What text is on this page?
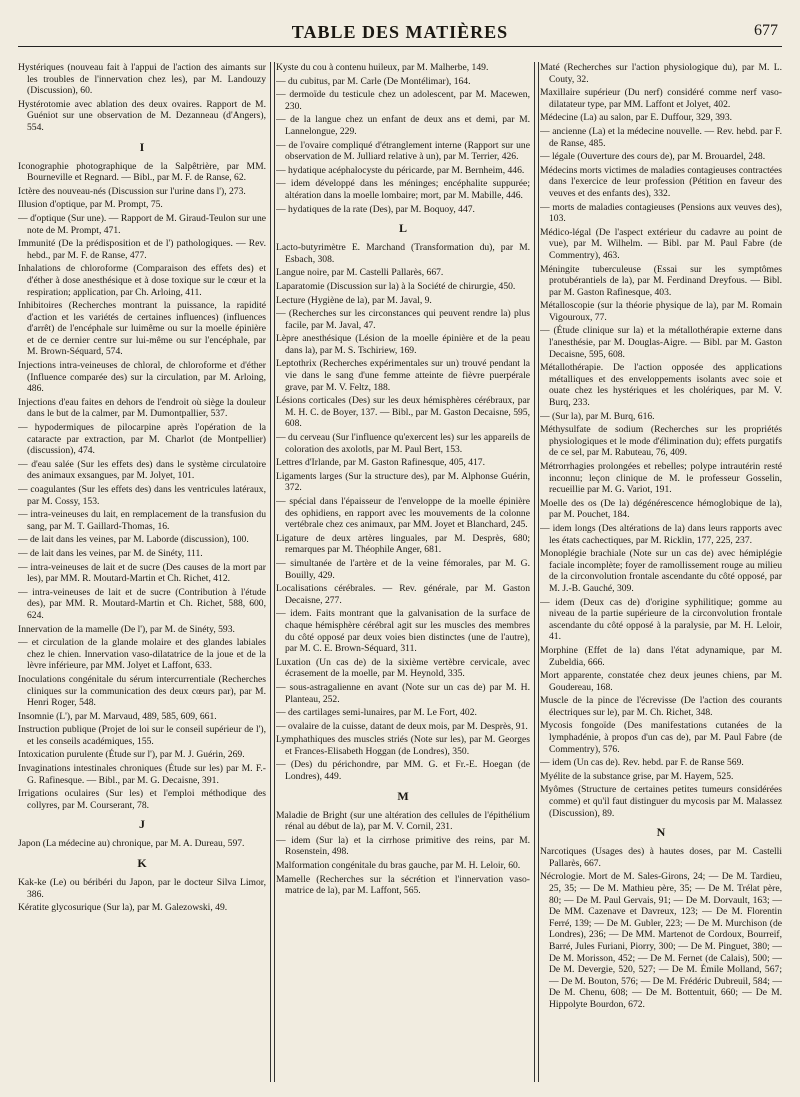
TABLE DES MATIÈRES	677
Hystériques (nouveau fait à l'appui de l'action des aimants sur les troubles de l'innervation chez les), par M. Landouzy (Discussion), 60.
Hystérotomie avec ablation des deux ovaires. Rapport de M. Guéniot sur une observation de M. Dezanneau (d'Angers), 554.
I
Iconographie photographique de la Salpêtrière, par MM. Bourneville et Regnard. — Bibl., par M. F. de Ranse, 62.
Ictère des nouveau-nés (Discussion sur l'urine dans l'), 273.
Illusion d'optique, par M. Prompt, 75.
— d'optique (Sur une). — Rapport de M. Giraud-Teulon sur une note de M. Prompt, 471.
Immunité (De la prédisposition et de l') pathologiques. — Rev. hebd., par M. F. de Ranse, 477.
Inhalations de chloroforme (Comparaison des effets des) et d'éther à dose anesthésique et à dose toxique sur le cœur et la respiration; application, par Ch. Arloing, 411.
Inhibitoires (Recherches montrant la puissance, la rapidité d'action et les variétés de certaines influences) (influences d'arrêt) de l'encéphale sur luimême ou sur la moelle épinière et de ce dernier centre sur lui-même ou sur l'encéphale, par M. Brown-Séquard, 574.
Injections intra-veineuses de chloral, de chloroforme et d'éther (Influence comparée des) sur la circulation, par M. Arloing, 486.
Injections d'eau faites en dehors de l'endroit où siège la douleur dans le but de la calmer, par M. Dumontpallier, 537.
— hypodermiques de pilocarpine après l'opération de la cataracte par extraction, par M. Charlot (de Montpellier) (discussion), 474.
— d'eau salée (Sur les effets des) dans le système circulatoire des animaux exsangues, par M. Jolyet, 101.
— coagulantes (Sur les effets des) dans les ventricules latéraux, par M. Cossy, 153.
— intra-veineuses du lait, en remplacement de la transfusion du sang, par M. T. Gaillard-Thomas, 16.
— de lait dans les veines, par M. Laborde (discussion), 100.
— de lait dans les veines, par M. de Sinéty, 111.
— intra-veineuses de lait et de sucre (Des causes de la mort par les), par MM. R. Moutard-Martin et Ch. Richet, 412.
— intra-veineuses de lait et de sucre (Contribution à l'étude des), par MM. R. Moutard-Martin et Ch. Richet, 588, 600, 624.
Innervation de la mamelle (De l'), par M. de Sinéty, 593.
— et circulation de la glande molaire et des glandes labiales chez le chien. Innervation vaso-dilatatrice de la joue et de la lèvre inférieure, par MM. Jolyet et Laffont, 633.
Inoculations congénitale du sérum intercurrentiale (Recherches cliniques sur la communication des deux cœurs par), par M. Henri Roger, 548.
Insomnie (L'), par M. Marvaud, 489, 585, 609, 661.
Instruction publique (Projet de loi sur le conseil supérieur de l'), et les conseils académiques, 155.
Intoxication purulente (Étude sur l'), par M. J. Guérin, 269.
Invaginations intestinales chroniques (Étude sur les) par M. F.-G. Rafinesque. — Bibl., par M. G. Decaisne, 391.
Irrigations oculaires (Sur les) et l'emploi méthodique des collyres, par M. Courserant, 78.
J
Japon (La médecine au) chronique, par M. A. Dureau, 597.
K
Kak-ke (Le) ou béribéri du Japon, par le docteur Silva Limor, 386.
Kératite glycosurique (Sur la), par M. Galezowski, 49.
Kyste du cou à contenu huileux, par M. Malherbe, 149.
— du cubitus, par M. Carle (De Montélimar), 164.
— dermoïde du testicule chez un adolescent, par M. Macewen, 230.
— de la langue chez un enfant de deux ans et demi, par M. Lannelongue, 229.
— de l'ovaire compliqué d'étranglement interne (Rapport sur une observation de M. Julliard relative à un), par M. Terrier, 426.
— hydatique acéphalocyste du péricarde, par M. Bernheim, 446.
— idem développé dans les méninges; encéphalite suppurée; altération dans la moelle lombaire; mort, par M. Mabille, 446.
— hydatiques de la rate (Des), par M. Boquoy, 447.
L
Lacto-butyrimètre E. Marchand (Transformation du), par M. Esbach, 308.
Langue noire, par M. Castelli Pallarès, 667.
Laparatomie (Discussion sur la) à la Société de chirurgie, 450.
Lecture (Hygiène de la), par M. Javal, 9.
— (Recherches sur les circonstances qui peuvent rendre la) plus facile, par M. Javal, 47.
Lèpre anesthésique (Lésion de la moelle épinière et de la peau dans la), par M. S. Tschiriew, 169.
Leptothrix (Recherches expérimentales sur un) trouvé pendant la vie dans le sang d'une femme atteinte de fièvre puerpérale grave, par M. V. Feltz, 188.
Lésions corticales (Des) sur les deux hémisphères cérébraux, par M. H. C. de Boyer, 137. — Bibl., par M. Gaston Decaisne, 595, 608.
— du cerveau (Sur l'influence qu'exercent les) sur les appareils de coloration des axolotls, par M. Paul Bert, 153.
Lettres d'Irlande, par M. Gaston Rafinesque, 405, 417.
Ligaments larges (Sur la structure des), par M. Alphonse Guérin, 372.
— spécial dans l'épaisseur de l'enveloppe de la moelle épinière des ophidiens, en rapport avec les mouvements de la colonne vertébrale chez ces animaux, par MM. Joyet et Blanchard, 245.
Ligature de deux artères linguales, par M. Desprès, 680; remarques par M. Théophile Anger, 681.
— simultanée de l'artère et de la veine fémorales, par M. G. Bouilly, 429.
Localisations cérébrales. — Rev. générale, par M. Gaston Decaisne, 277.
— idem. Faits montrant que la galvanisation de la surface de chaque hémisphère cérébral agit sur les muscles des membres du côté opposé par deux voies bien distinctes (une de l'autre), par M. C. E. Brown-Séquard, 311.
Luxation (Un cas de) de la sixième vertèbre cervicale, avec écrasement de la moelle, par M. Heynold, 335.
— sous-astragalienne en avant (Note sur un cas de) par M. H. Planteau, 252.
— des cartilages semi-lunaires, par M. Le Fort, 402.
— ovalaire de la cuisse, datant de deux mois, par M. Desprès, 91.
Lymphathiques des muscles striés (Note sur les), par M. Georges et Frances-Elisabeth Hoggan (de Londres), 350.
— (Des) du périchondre, par MM. G. et Fr.-E. Hoegan (de Londres), 449.
M
Maladie de Bright (sur une altération des cellules de l'épithélium rénal au début de la), par M. V. Cornil, 231.
— idem (Sur la) et la cirrhose primitive des reins, par M. Rosenstein, 498.
Malformation congénitale du bras gauche, par M. H. Leloir, 60.
Mamelle (Recherches sur la sécrétion et l'innervation vaso-matrice de la), par M. Laffont, 565.
Maté (Recherches sur l'action physiologique du), par M. L. Couty, 32.
Maxillaire supérieur (Du nerf) considéré comme nerf vaso-dilatateur type, par MM. Laffont et Jolyet, 402.
Médecine (La) au salon, par E. Duffour, 329, 393.
— ancienne (La) et la médecine nouvelle. — Rev. hebd. par F. de Ranse, 485.
— légale (Ouverture des cours de), par M. Brouardel, 248.
Médecins morts victimes de maladies contagieuses contractées dans l'exercice de leur profession (Pétition en faveur des veuves et des enfants des), 332.
— morts de maladies contagieuses (Pensions aux veuves des), 103.
Médico-légal (De l'aspect extérieur du cadavre au point de vue), par M. Wilhelm. — Bibl. par M. Paul Fabre (de Commentry), 463.
Méningite tuberculeuse (Essai sur les symptômes protubérantiels de la), par M. Ferdinand Dreyfous. — Bibl. par M. Gaston Rafinesque, 403.
Métalloscopie (sur la théorie physique de la), par M. Romain Vigouroux, 77.
— (Étude clinique sur la) et la métallothérapie externe dans l'anesthésie, par M. Douglas-Aigre. — Bibl. par M. Gaston Decaisne, 595, 608.
Métallothérapie. De l'action opposée des applications métalliques et des enveloppements isolants avec soie et ouate chez les hystériques et les cholériques, par M. V. Burq, 233.
— (Sur la), par M. Burq, 616.
Méthysulfate de sodium (Recherches sur les propriétés physiologiques et le mode d'élimination du); effets purgatifs de ce sel, par M. Rabuteau, 76, 409.
Métrorrhagies prolongées et rebelles; polype intrautérin resté inconnu; leçon clinique de M. le professeur Gosselin, recueillie par M. G. Variot, 191.
Moelle des os (De la) dégénérescence hémoglobique de la), par M. Pouchet, 184.
— idem longs (Des altérations de la) dans leurs rapports avec les états cachectiques, par M. Ricklin, 177, 225, 237.
Monoplégie brachiale (Note sur un cas de) avec hémiplégie faciale incomplète; foyer de ramollissement rouge au milieu de la circonvolution frontale ascendante du côté opposé, par M. J.-B. Gauché, 309.
— idem (Deux cas de) d'origine syphilitique; gomme au niveau de la partie supérieure de la circonvolution frontale ascendante du côté opposé à la paralysie, par M. H. Leloir, 41.
Morphine (Effet de la) dans l'état adynamique, par M. Zubeldia, 666.
Mort apparente, constatée chez deux jeunes chiens, par M. Goudereau, 168.
Muscle de la pince de l'écrevisse (De l'action des courants électriques sur le), par M. Ch. Richet, 348.
Mycosis fongoïde (Des manifestations cutanées de la lymphadénie, à propos d'un cas de), par M. Paul Fabre (de Commentry), 576.
— idem (Un cas de). Rev. hebd. par F. de Ranse 569.
Myélite de la substance grise, par M. Hayem, 525.
Myômes (Structure de certaines petites tumeurs considérées comme) et qu'il faut distinguer du mycosis par M. Malassez (Discussion), 89.
N
Narcotiques (Usages des) à hautes doses, par M. Castelli Pallarès, 667.
Nécrologie. Mort de M. Sales-Girons, 24; — De M. Tardieu, 25, 35; — De M. Mathieu père, 35; — De M. Trélat père, 80; — De M. Paul Gervais, 91; — De M. Dorvault, 163; — De MM. Cazenave et Davreux, 123; — De M. Florentin Ferré, 139; — De M. Gubler, 223; — De M. Murchison (de Londres), 236; — De MM. Martenot de Cordoux, Bourreif, Barré, Jules Furiani, Piorry, 300; — De M. Pinguet, 380; — De M. Morisson, 452; — De M. Fernet (de Calais), 500; — De M. Devergie, 520, 527; — De M. Émile Molland, 567; — De M. Bouton, 576; — De M. Frédéric Dubreuil, 584; — De M. Chenu, 608; — De M. Bottentuit, 660; — De M. Hippolyte Bourdon, 672.
